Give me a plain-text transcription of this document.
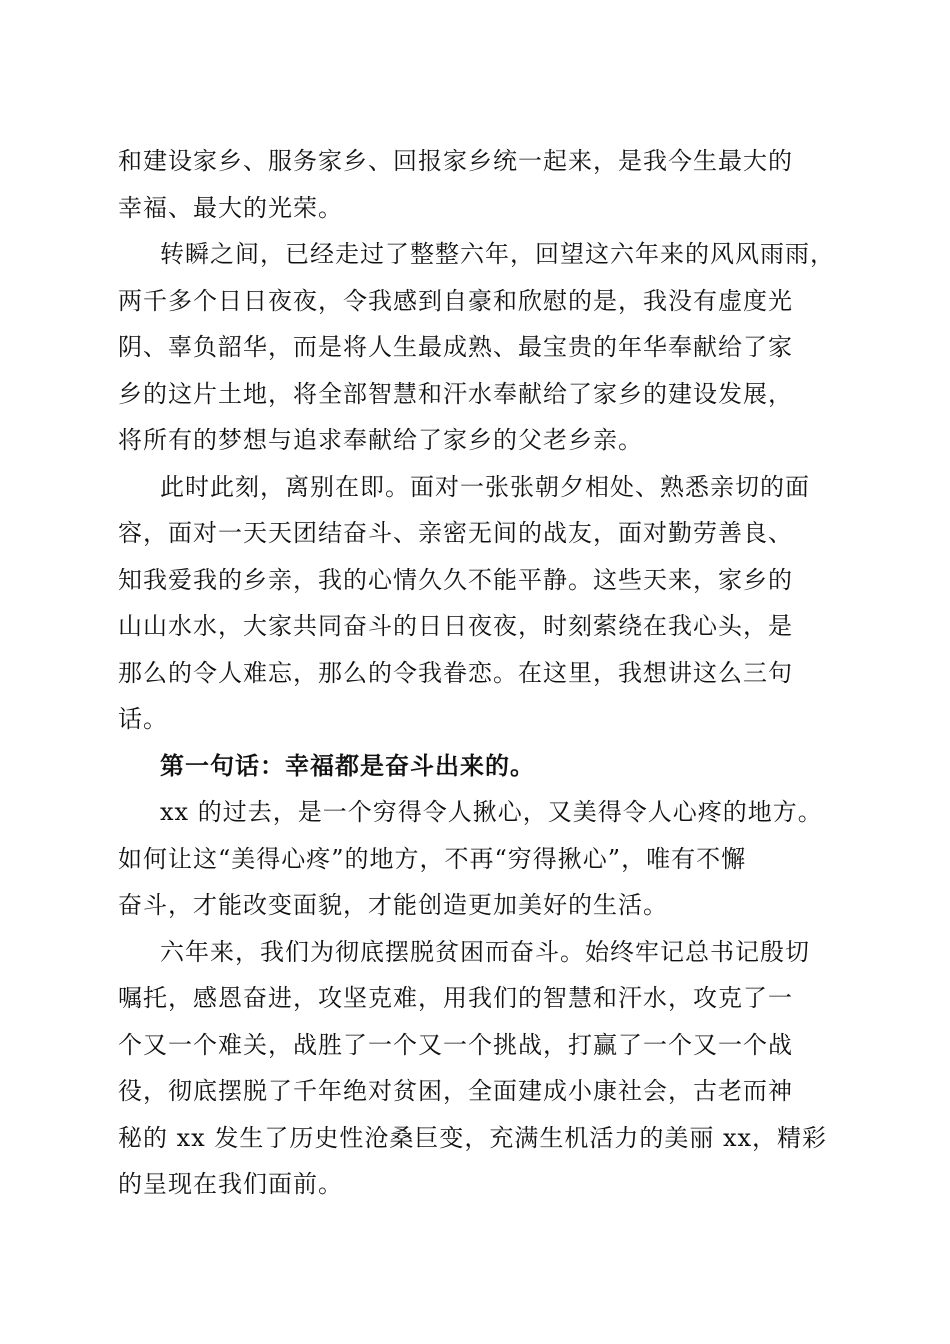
和建设家乡、服务家乡、回报家乡统一起来，是我今生最大的
幸福、最大的光荣。
转瞬之间，已经走过了整整六年，回望这六年来的风风雨雨，
两千多个日日夜夜，令我感到自豪和欣慰的是，我没有虚度光
阴、辜负韶华，而是将人生最成熟、最宝贵的年华奉献给了家
乡的这片土地，将全部智慧和汗水奉献给了家乡的建设发展，
将所有的梦想与追求奉献给了家乡的父老乡亲。
此时此刻，离别在即。面对一张张朝夕相处、熟悉亲切的面
容，面对一天天团结奋斗、亲密无间的战友，面对勤劳善良、
知我爱我的乡亲，我的心情久久不能平静。这些天来，家乡的
山山水水，大家共同奋斗的日日夜夜，时刻萦绕在我心头，是
那么的令人难忘，那么的令我眷恋。在这里，我想讲这么三句
话。
第一句话：幸福都是奋斗出来的。
xx 的过去，是一个穷得令人揪心，又美得令人心疼的地方。
如何让这“美得心疼”的地方，不再“穷得揪心”，唯有不懈
奋斗，才能改变面貌，才能创造更加美好的生活。
六年来，我们为彻底摆脱贫困而奋斗。始终牢记总书记殷切
嘱托，感恩奋进，攻坚克难，用我们的智慧和汗水，攻克了一
个又一个难关，战胜了一个又一个挑战，打赢了一个又一个战
役，彻底摆脱了千年绝对贫困，全面建成小康社会，古老而神
秘的 xx 发生了历史性沧桑巨变，充满生机活力的美丽 xx，精彩
的呈现在我们面前。
